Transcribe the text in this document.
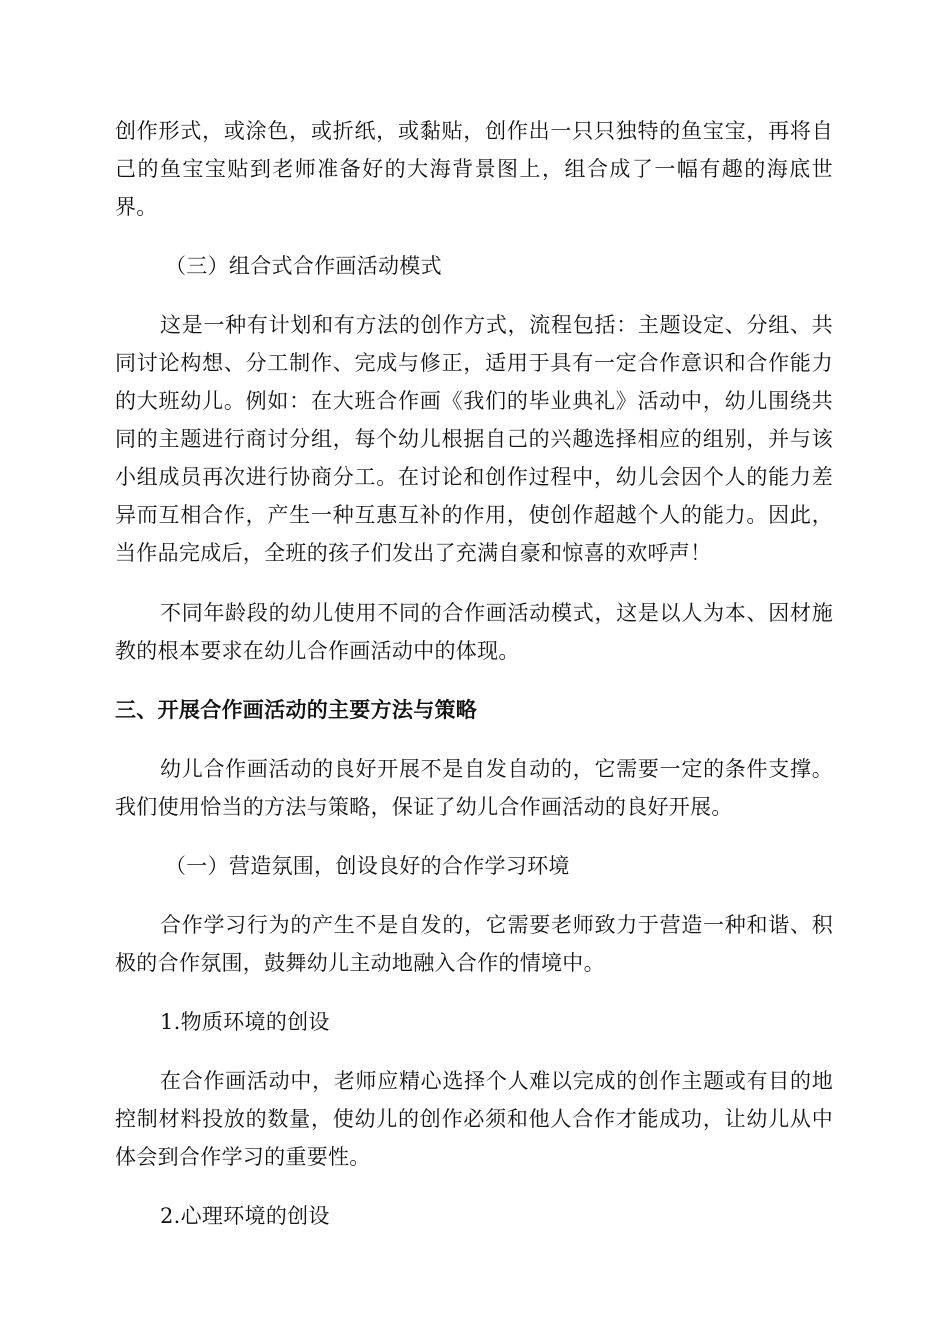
创作形式，或涂色，或折纸，或黏贴，创作出一只只独特的鱼宝宝，再将自己的鱼宝宝贴到老师准备好的大海背景图上，组合成了一幅有趣的海底世界。

（三）组合式合作画活动模式

这是一种有计划和有方法的创作方式，流程包括：主题设定、分组、共同讨论构想、分工制作、完成与修正，适用于具有一定合作意识和合作能力的大班幼儿。例如：在大班合作画《我们的毕业典礼》活动中，幼儿围绕共同的主题进行商讨分组，每个幼儿根据自己的兴趣选择相应的组别，并与该小组成员再次进行协商分工。在讨论和创作过程中，幼儿会因个人的能力差异而互相合作，产生一种互惠互补的作用，使创作超越个人的能力。因此，当作品完成后，全班的孩子们发出了充满自豪和惊喜的欢呼声！

不同年龄段的幼儿使用不同的合作画活动模式，这是以人为本、因材施教的根本要求在幼儿合作画活动中的体现。

三、开展合作画活动的主要方法与策略

幼儿合作画活动的良好开展不是自发自动的，它需要一定的条件支撑。我们使用恰当的方法与策略，保证了幼儿合作画活动的良好开展。

（一）营造氛围，创设良好的合作学习环境

合作学习行为的产生不是自发的，它需要老师致力于营造一种和谐、积极的合作氛围，鼓舞幼儿主动地融入合作的情境中。

1.物质环境的创设

在合作画活动中，老师应精心选择个人难以完成的创作主题或有目的地控制材料投放的数量，使幼儿的创作必须和他人合作才能成功，让幼儿从中体会到合作学习的重要性。

2.心理环境的创设
